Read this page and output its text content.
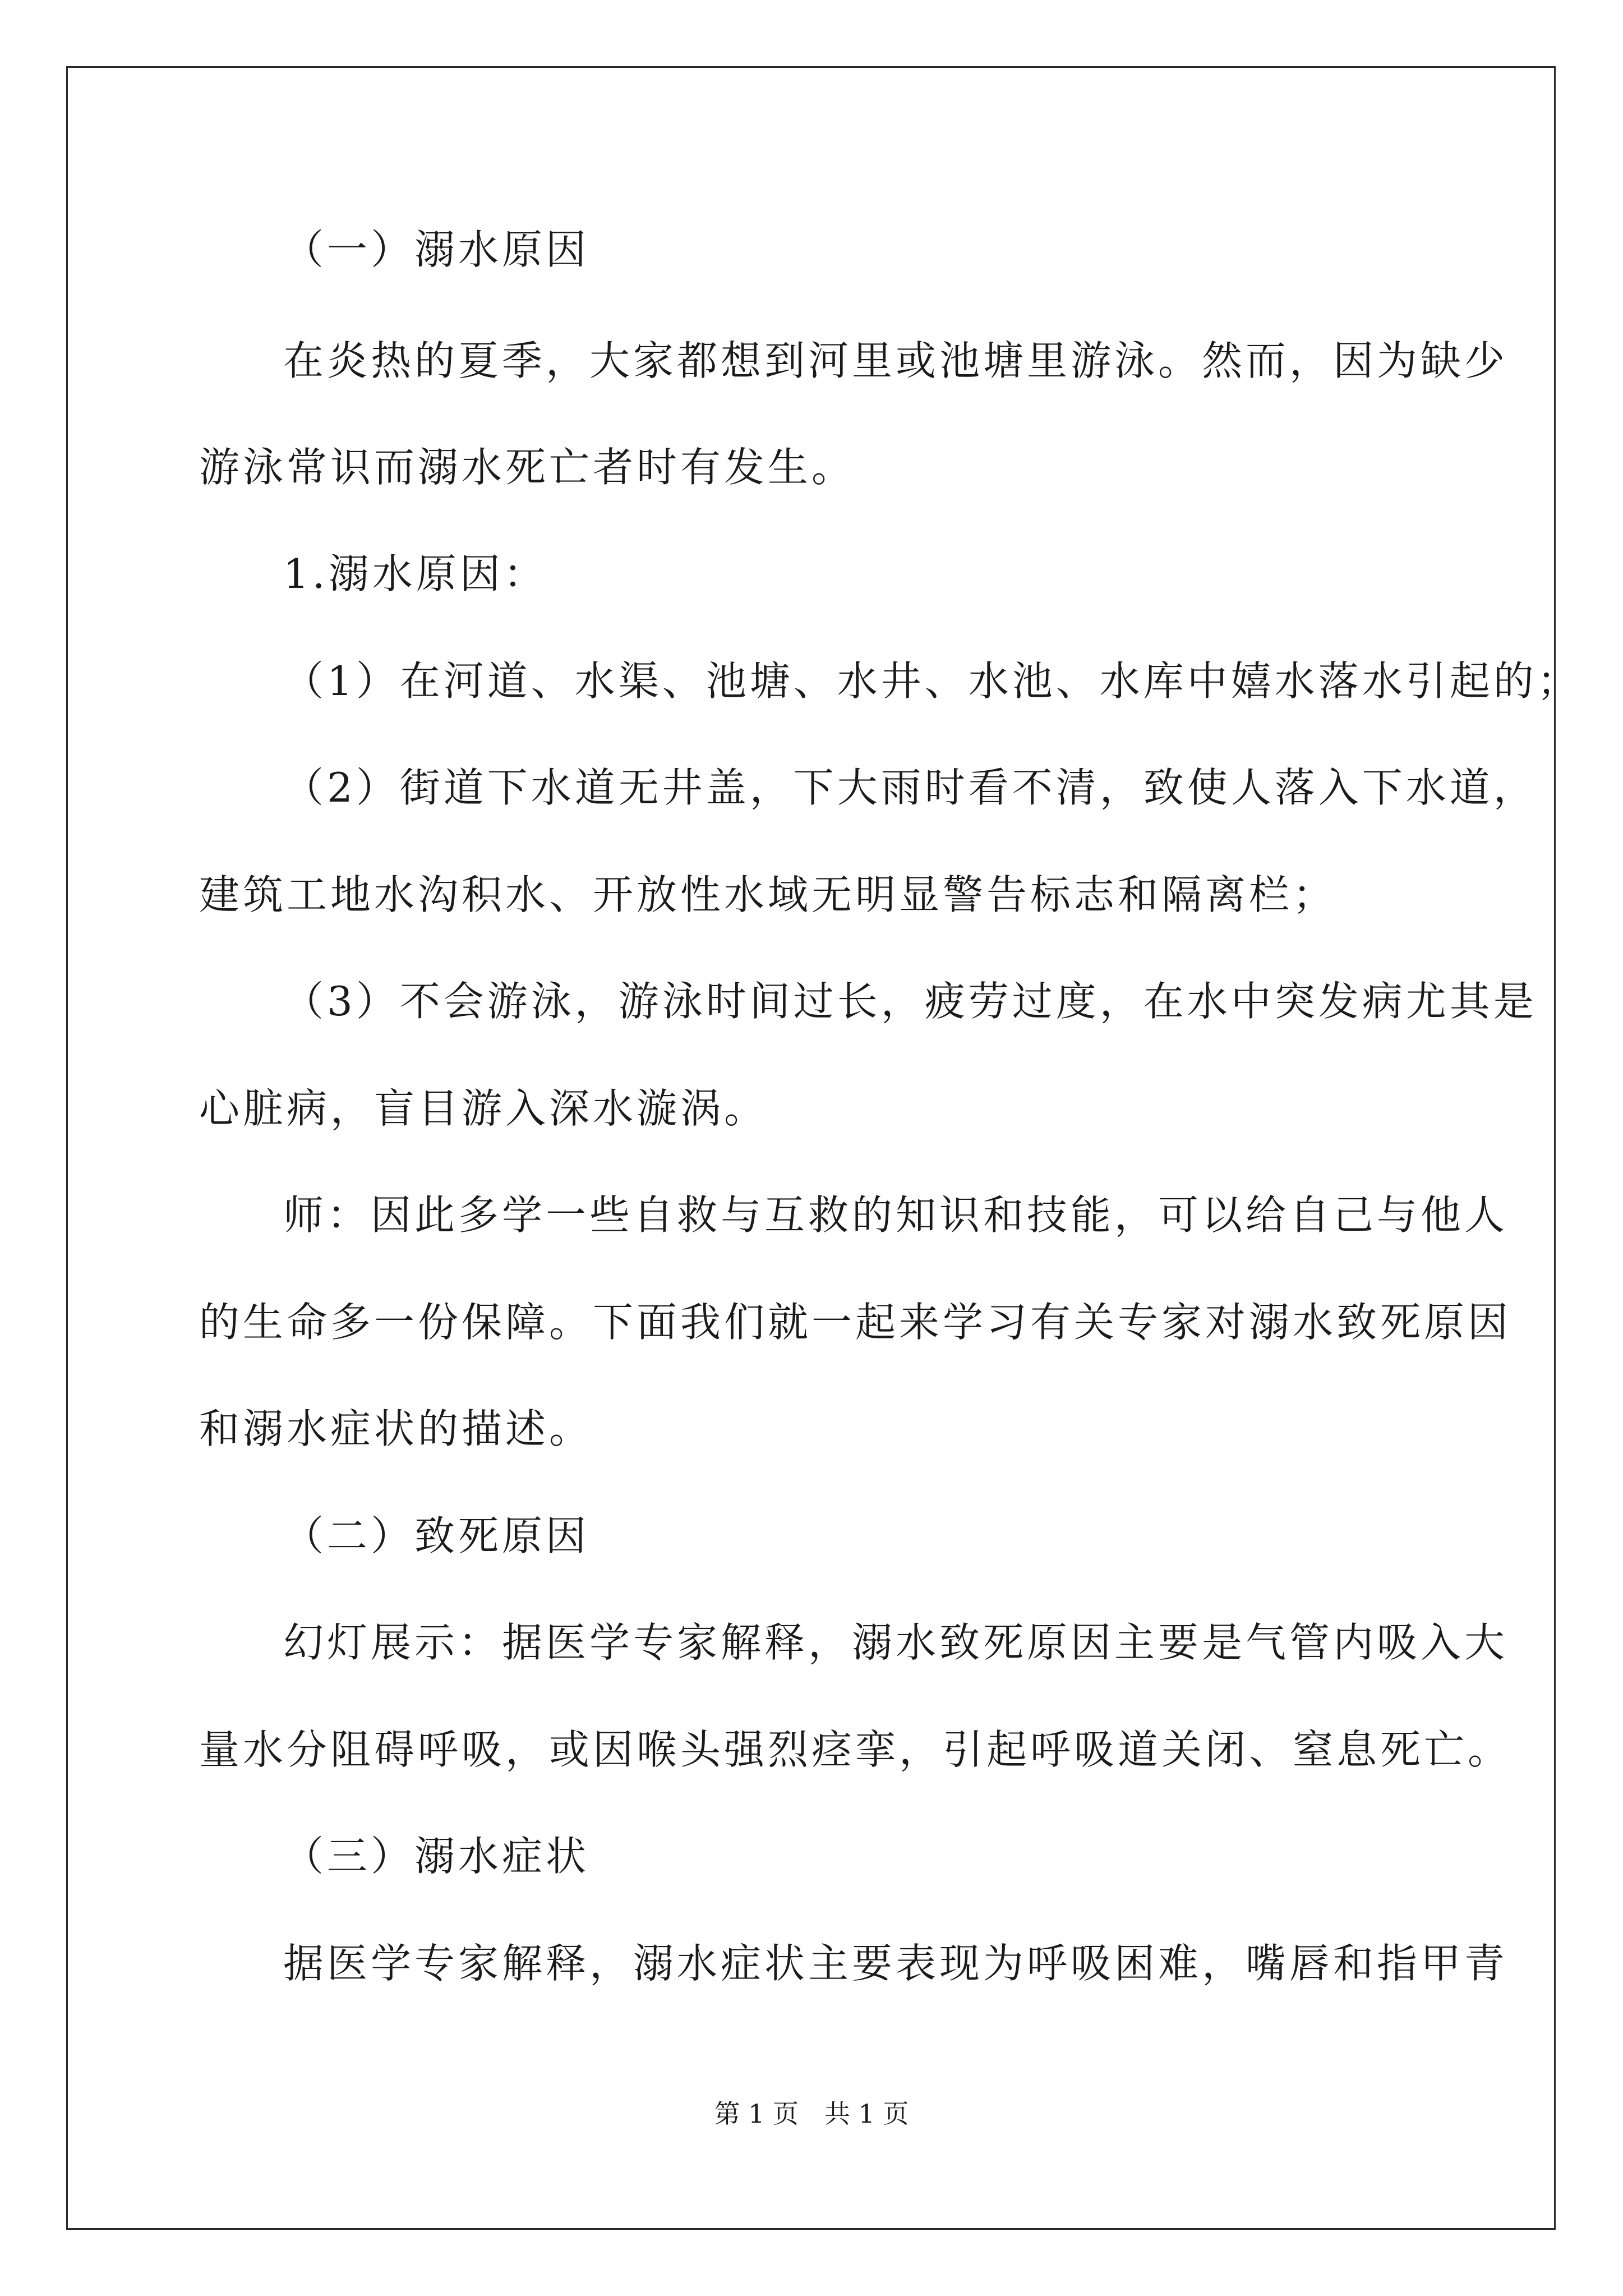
（一）溺水原因
在炎热的夏季，大家都想到河里或池塘里游泳。然而，因为缺少
游泳常识而溺水死亡者时有发生。
1.溺水原因：
（1）在河道、水渠、池塘、水井、水池、水库中嬉水落水引起的；
（2）街道下水道无井盖，下大雨时看不清，致使人落入下水道，
建筑工地水沟积水、开放性水域无明显警告标志和隔离栏；
（3）不会游泳，游泳时间过长，疲劳过度，在水中突发病尤其是
心脏病，盲目游入深水漩涡。
师：因此多学一些自救与互救的知识和技能，可以给自己与他人
的生命多一份保障。下面我们就一起来学习有关专家对溺水致死原因
和溺水症状的描述。
（二）致死原因
幻灯展示：据医学专家解释，溺水致死原因主要是气管内吸入大
量水分阻碍呼吸，或因喉头强烈痉挛，引起呼吸道关闭、窒息死亡。
（三）溺水症状
据医学专家解释，溺水症状主要表现为呼吸困难，嘴唇和指甲青
第 1 页　共 1 页
